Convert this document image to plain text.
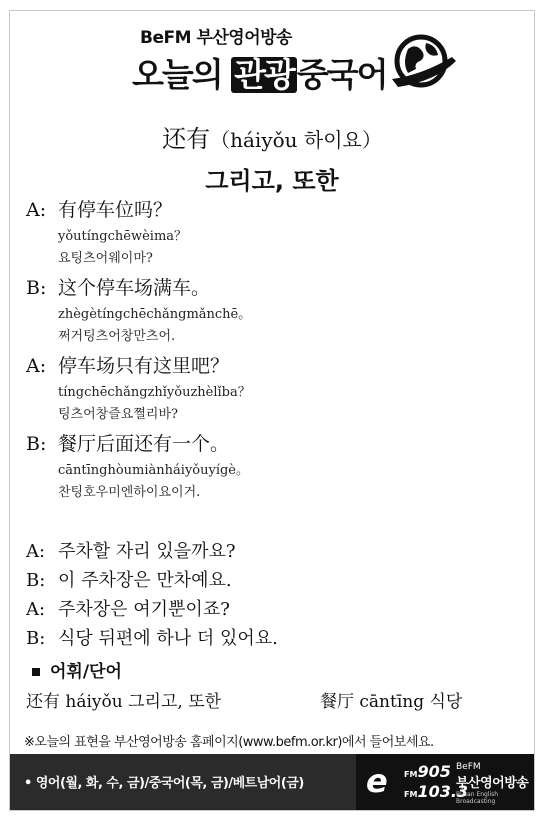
BeFM 부산영어방송
오늘의 관광중국어
还有（háiyǒu 하이요）
그리고, 또한
A: 有停车位吗？
yǒutíngchēwèima？
요팅츠어웨이마?
B: 这个停车场满车。
zhègètíngchēchǎngmǎnchē。
쩌거팅츠어창만츠어.
A: 停车场只有这里吧？
tíngchēchǎngzhǐyǒuzhèlǐba？
팅츠어창즐요쪌리바?
B: 餐厅后面还有一个。
cāntīnghòumiànháiyǒuyígè。
찬팅호우미엔하이요이거.
A: 주차할 자리 있을까요?
B: 이 주차장은 만차예요.
A: 주차장은 여기뿐이죠?
B: 식당 뒤편에 하나 더 있어요.
어휘/단어
还有 háiyǒu 그리고, 또한	餐厅 cāntīng 식당
※오늘의 표현을 부산영어방송 홈페이지(www.befm.or.kr)에서 들어보세요.
• 영어(월, 화, 수, 금)/중국어(목, 금)/베트남어(금) e FM905
FM103.3
BeFM
부산영어방송
Busan English Broadcasting
